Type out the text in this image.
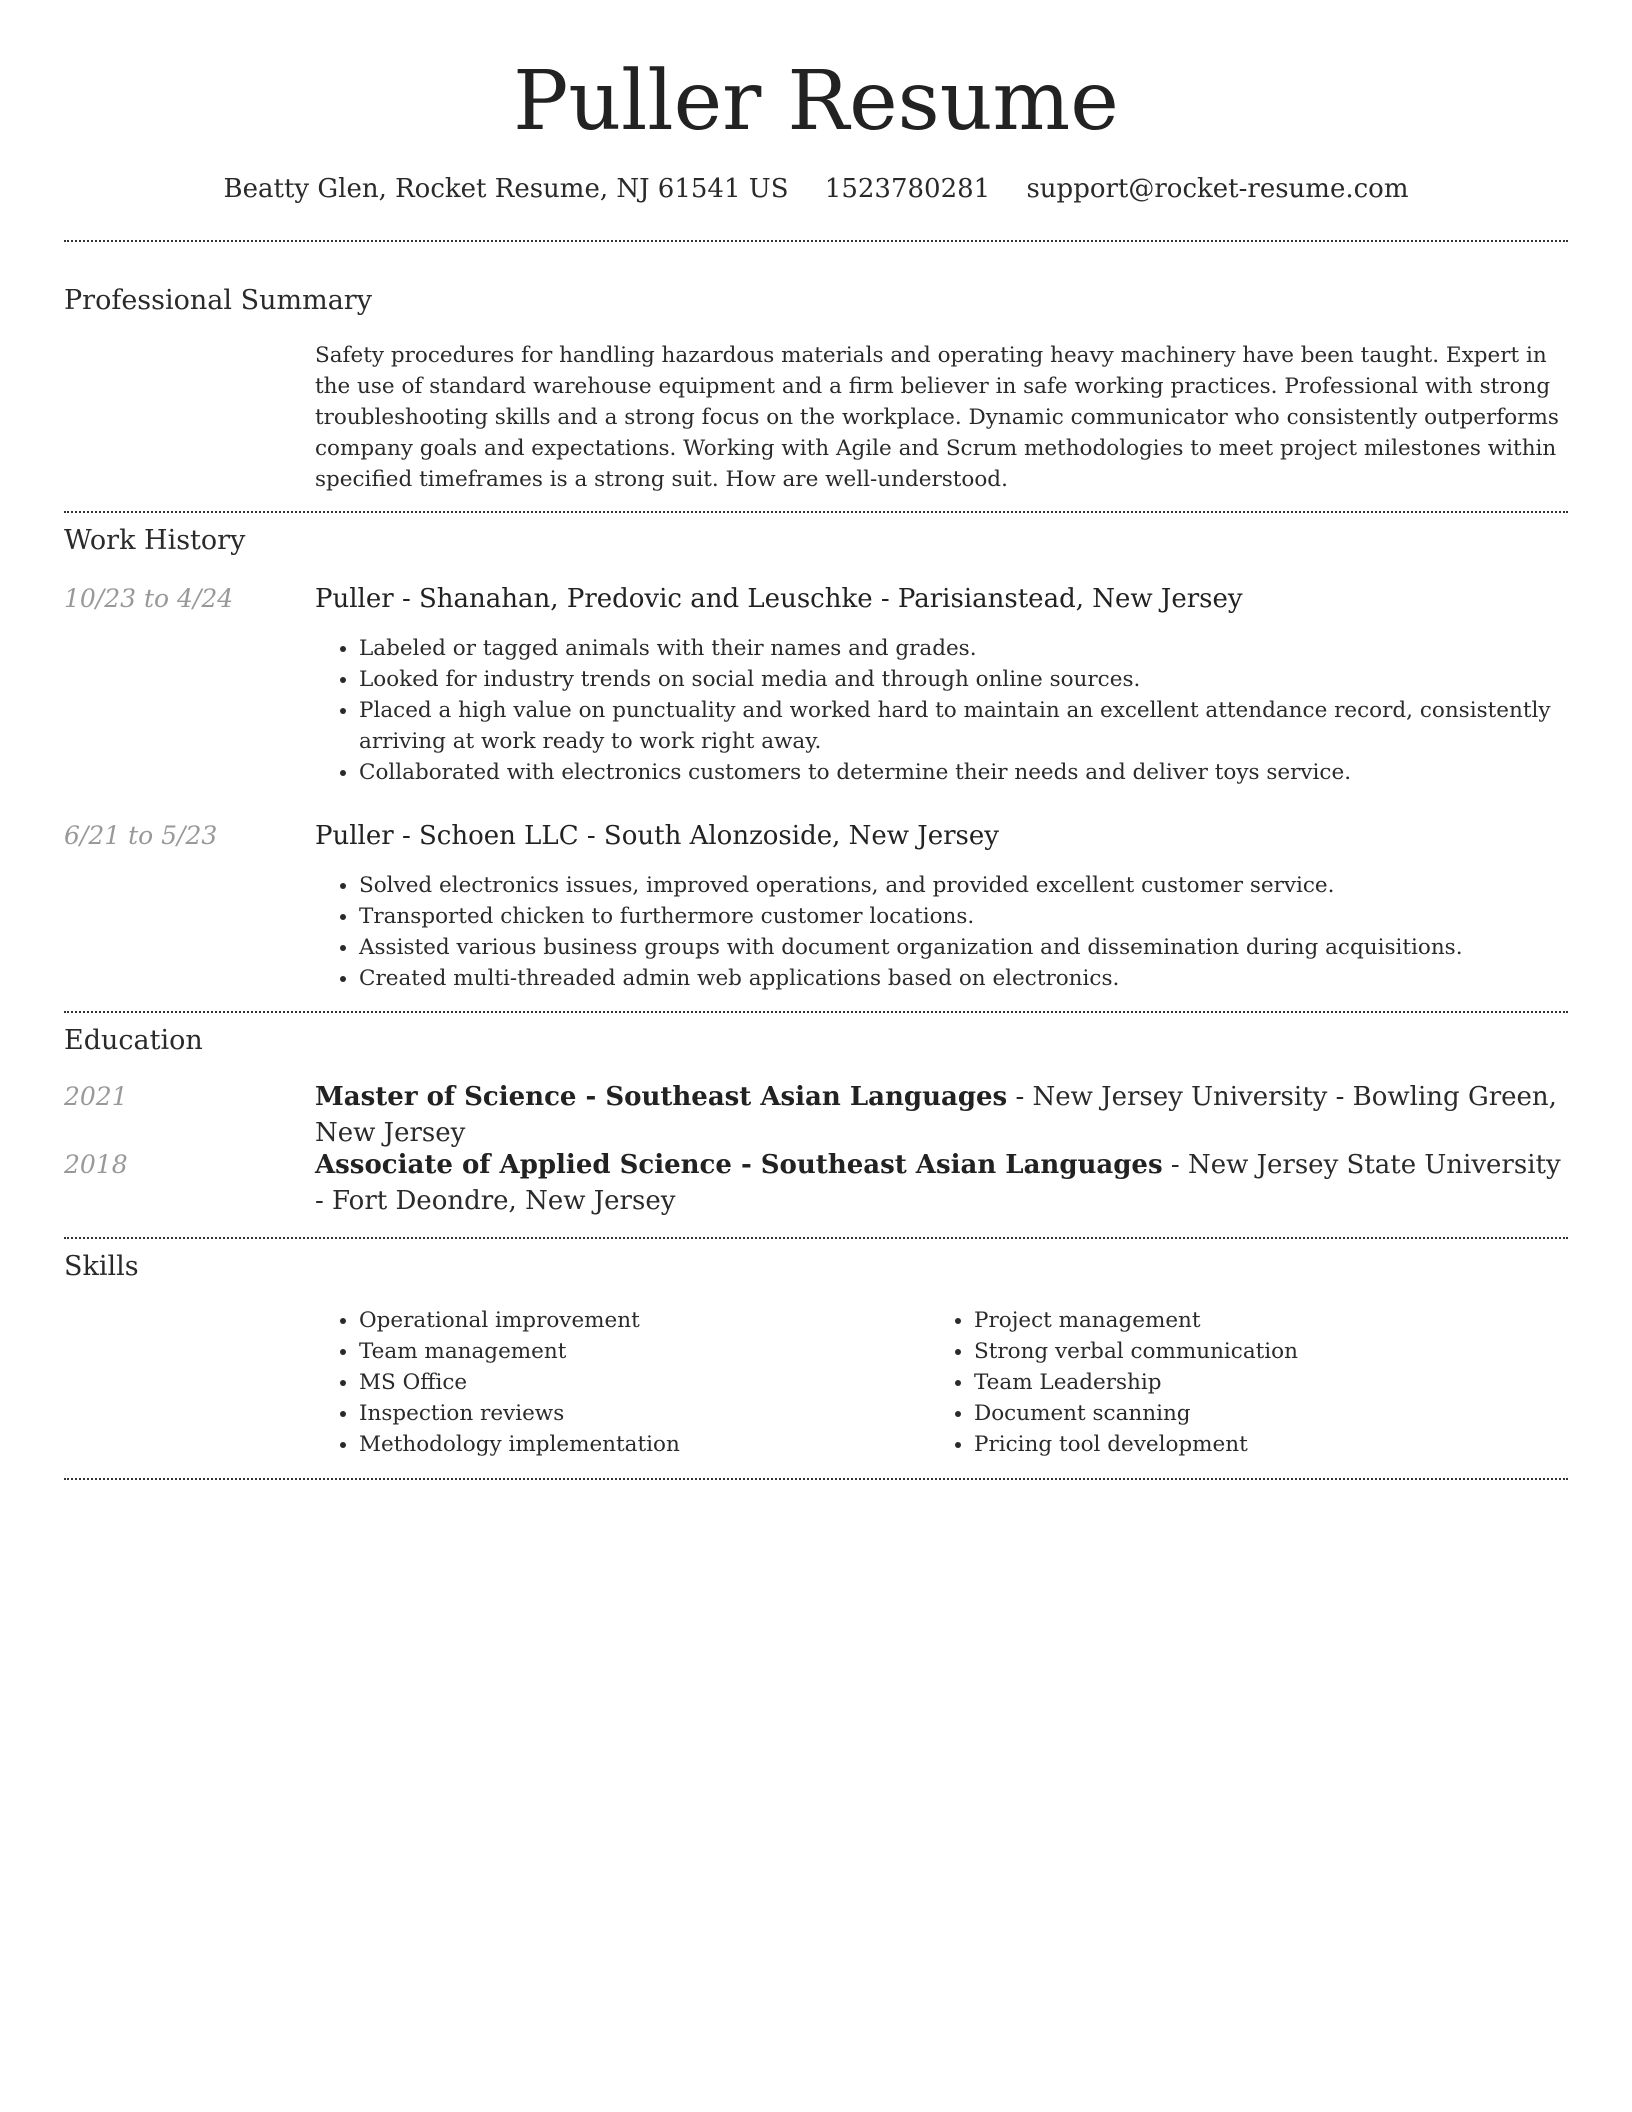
Puller Resume
Beatty Glen, Rocket Resume, NJ 61541 US 1523780281 support@rocket-resume.com
Professional Summary

Safety procedures for handling hazardous materials and operating heavy machinery have been taught. Expert in the use of standard warehouse equipment and a firm believer in safe working practices. Professional with strong troubleshooting skills and a strong focus on the workplace. Dynamic communicator who consistently outperforms company goals and expectations. Working with Agile and Scrum methodologies to meet project milestones within specified timeframes is a strong suit. How are well-understood.

Work History
10/23 to 4/24	Puller - Shanahan, Predovic and Leuschke - Parisianstead, New Jersey
• Labeled or tagged animals with their names and grades.
• Looked for industry trends on social media and through online sources.
• Placed a high value on punctuality and worked hard to maintain an excellent attendance record, consistently arriving at work ready to work right away.
• Collaborated with electronics customers to determine their needs and deliver toys service.
6/21 to 5/23	Puller - Schoen LLC - South Alonzoside, New Jersey
• Solved electronics issues, improved operations, and provided excellent customer service.
• Transported chicken to furthermore customer locations.
• Assisted various business groups with document organization and dissemination during acquisitions.
• Created multi-threaded admin web applications based on electronics.
Education
2021	Master of Science - Southeast Asian Languages - New Jersey University - Bowling Green, New Jersey
2018	Associate of Applied Science - Southeast Asian Languages - New Jersey State University - Fort Deondre, New Jersey
Skills
• Operational improvement
• Team management
• MS Office
• Inspection reviews
• Methodology implementation
• Project management
• Strong verbal communication
• Team Leadership
• Document scanning
• Pricing tool development
